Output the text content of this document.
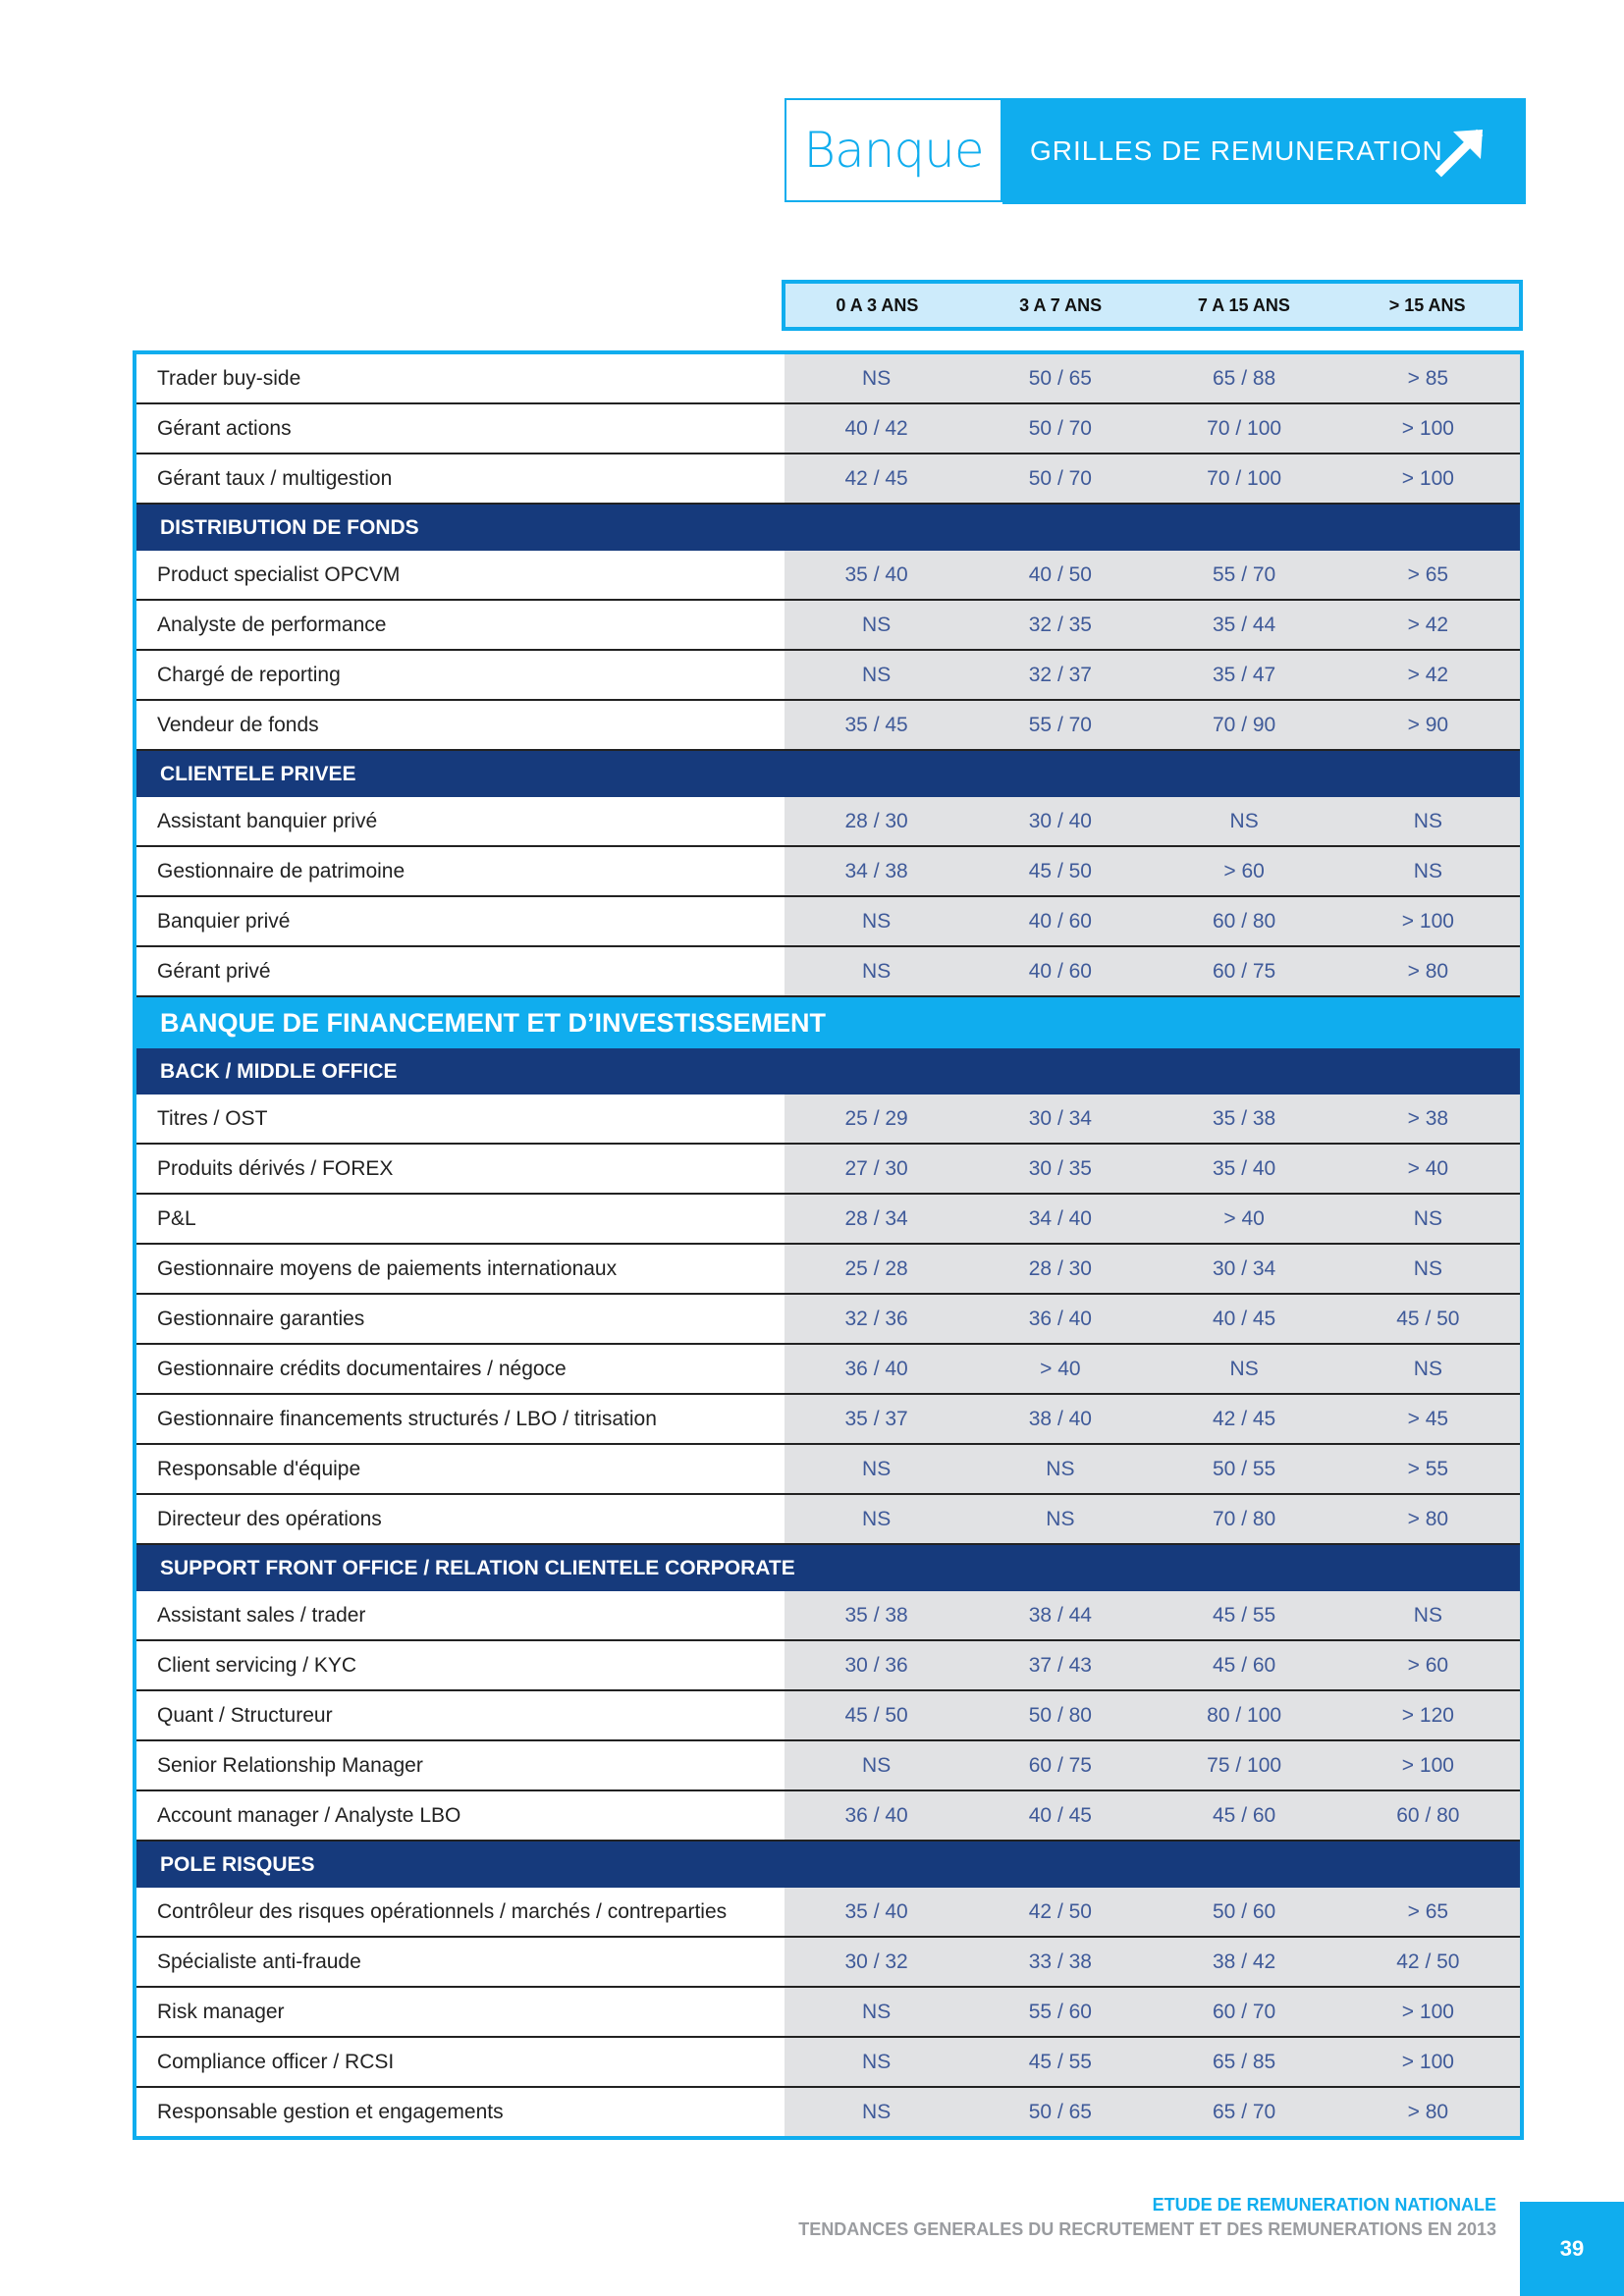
Banque	GRILLES DE REMUNERATION
0 A 3 ANS	3 A 7 ANS	7 A 15 ANS	> 15 ANS
Trader buy-side	NS	50 / 65	65 / 88	> 85
Gérant actions	40 / 42	50 / 70	70 / 100	> 100
Gérant taux / multigestion	42 / 45	50 / 70	70 / 100	> 100
DISTRIBUTION DE FONDS
Product specialist OPCVM	35 / 40	40 / 50	55 / 70	> 65
Analyste de performance	NS	32 / 35	35 / 44	> 42
Chargé de reporting	NS	32 / 37	35 / 47	> 42
Vendeur de fonds	35 / 45	55 / 70	70 / 90	> 90
CLIENTELE PRIVEE
Assistant banquier privé	28 / 30	30 / 40	NS	NS
Gestionnaire de patrimoine	34 / 38	45 / 50	> 60	NS
Banquier privé	NS	40 / 60	60 / 80	> 100
Gérant privé	NS	40 / 60	60 / 75	> 80
BANQUE DE FINANCEMENT ET D’INVESTISSEMENT
BACK / MIDDLE OFFICE
Titres / OST	25 / 29	30 / 34	35 / 38	> 38
Produits dérivés / FOREX	27 / 30	30 / 35	35 / 40	> 40
P&L	28 / 34	34 / 40	> 40	NS
Gestionnaire moyens de paiements internationaux	25 / 28	28 / 30	30 / 34	NS
Gestionnaire garanties	32 / 36	36 / 40	40 / 45	45 / 50
Gestionnaire crédits documentaires / négoce	36 / 40	> 40	NS	NS
Gestionnaire financements structurés / LBO / titrisation	35 / 37	38 / 40	42 / 45	> 45
Responsable d'équipe	NS	NS	50 / 55	> 55
Directeur des opérations	NS	NS	70 / 80	> 80
SUPPORT FRONT OFFICE / RELATION CLIENTELE CORPORATE
Assistant sales / trader	35 / 38	38 / 44	45 / 55	NS
Client servicing / KYC	30 / 36	37 / 43	45 / 60	> 60
Quant / Structureur	45 / 50	50 / 80	80 / 100	> 120
Senior Relationship Manager	NS	60 / 75	75 / 100	> 100
Account manager / Analyste LBO	36 / 40	40 / 45	45 / 60	60 / 80
POLE RISQUES
Contrôleur des risques opérationnels / marchés / contreparties	35 / 40	42 / 50	50 / 60	> 65
Spécialiste anti-fraude	30 / 32	33 / 38	38 / 42	42 / 50
Risk manager	NS	55 / 60	60 / 70	> 100
Compliance officer / RCSI	NS	45 / 55	65 / 85	> 100
Responsable gestion et engagements	NS	50 / 65	65 / 70	> 80
ETUDE DE REMUNERATION NATIONALE
TENDANCES GENERALES DU RECRUTEMENT ET DES REMUNERATIONS EN 2013
39
